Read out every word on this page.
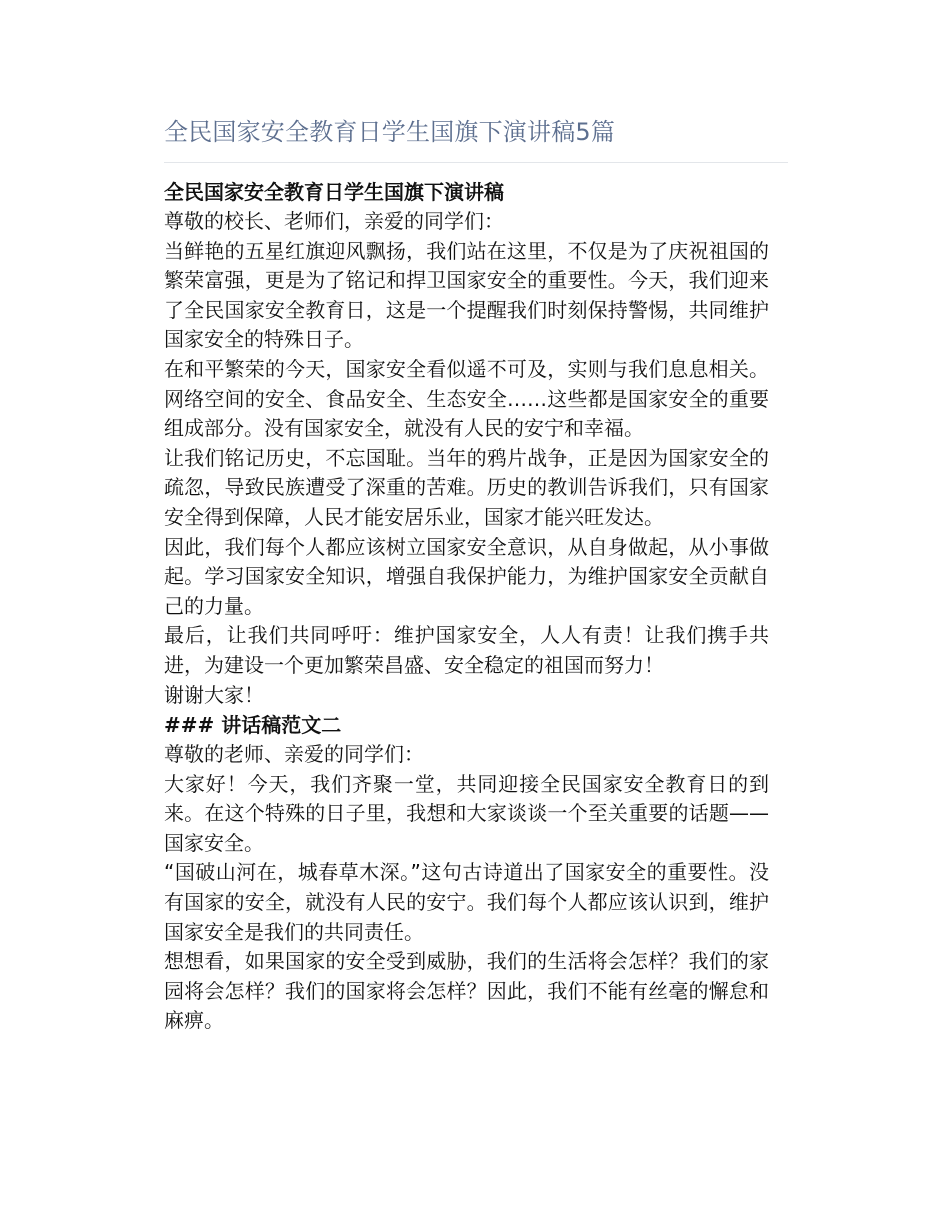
全民国家安全教育日学生国旗下演讲稿5篇
全民国家安全教育日学生国旗下演讲稿

尊敬的校长、老师们，亲爱的同学们：

当鲜艳的五星红旗迎风飘扬，我们站在这里，不仅是为了庆祝祖国的繁荣富强，更是为了铭记和捍卫国家安全的重要性。今天，我们迎来了全民国家安全教育日，这是一个提醒我们时刻保持警惕，共同维护国家安全的特殊日子。

在和平繁荣的今天，国家安全看似遥不可及，实则与我们息息相关。网络空间的安全、食品安全、生态安全……这些都是国家安全的重要组成部分。没有国家安全，就没有人民的安宁和幸福。

让我们铭记历史，不忘国耻。当年的鸦片战争，正是因为国家安全的疏忽，导致民族遭受了深重的苦难。历史的教训告诉我们，只有国家安全得到保障，人民才能安居乐业，国家才能兴旺发达。

因此，我们每个人都应该树立国家安全意识，从自身做起，从小事做起。学习国家安全知识，增强自我保护能力，为维护国家安全贡献自己的力量。

最后，让我们共同呼吁：维护国家安全，人人有责！让我们携手共进，为建设一个更加繁荣昌盛、安全稳定的祖国而努力！

谢谢大家！

### 讲话稿范文二

尊敬的老师、亲爱的同学们：

大家好！今天，我们齐聚一堂，共同迎接全民国家安全教育日的到来。在这个特殊的日子里，我想和大家谈谈一个至关重要的话题——国家安全。

“国破山河在，城春草木深。”这句古诗道出了国家安全的重要性。没有国家的安全，就没有人民的安宁。我们每个人都应该认识到，维护国家安全是我们的共同责任。

想想看，如果国家的安全受到威胁，我们的生活将会怎样？我们的家园将会怎样？我们的国家将会怎样？因此，我们不能有丝毫的懈怠和麻痹。
